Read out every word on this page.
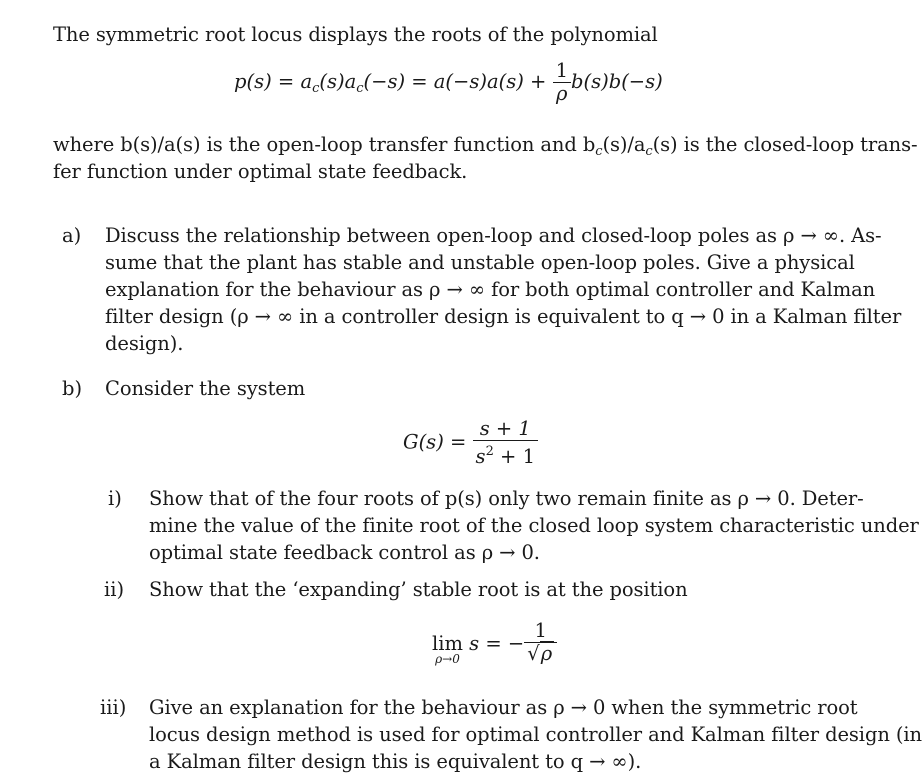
The symmetric root locus displays the roots of the polynomial
$p(s) = a_c(s)a_c(-s) = a(-s)a(s) + \frac{1}{\rho} b(s)b(-s)$
where b(s)/a(s) is the open-loop transfer function and $b_c(s)/a_c(s)$ is the closed-loop trans-
fer function under optimal state feedback.
a) Discuss the relationship between open-loop and closed-loop poles as ρ → ∞. As-
sume that the plant has stable and unstable open-loop poles. Give a physical
explanation for the behaviour as ρ → ∞ for both optimal controller and Kalman
filter design (ρ → ∞ in a controller design is equivalent to q → 0 in a Kalman filter
design).
b) Consider the system
$G(s) = \frac{s + 1}{s^2 + 1}$
i) Show that of the four roots of p(s) only two remain finite as ρ → 0. Deter-
mine the value of the finite root of the closed loop system characteristic under
optimal state feedback control as ρ → 0.
ii) Show that the ‘expanding’ stable root is at the position
lim
ρ→0
s = − $\frac{1}{√\rho}$
iii) Give an explanation for the behaviour as ρ → 0 when the symmetric root
locus design method is used for optimal controller and Kalman filter design (in
a Kalman filter design this is equivalent to q → ∞).
